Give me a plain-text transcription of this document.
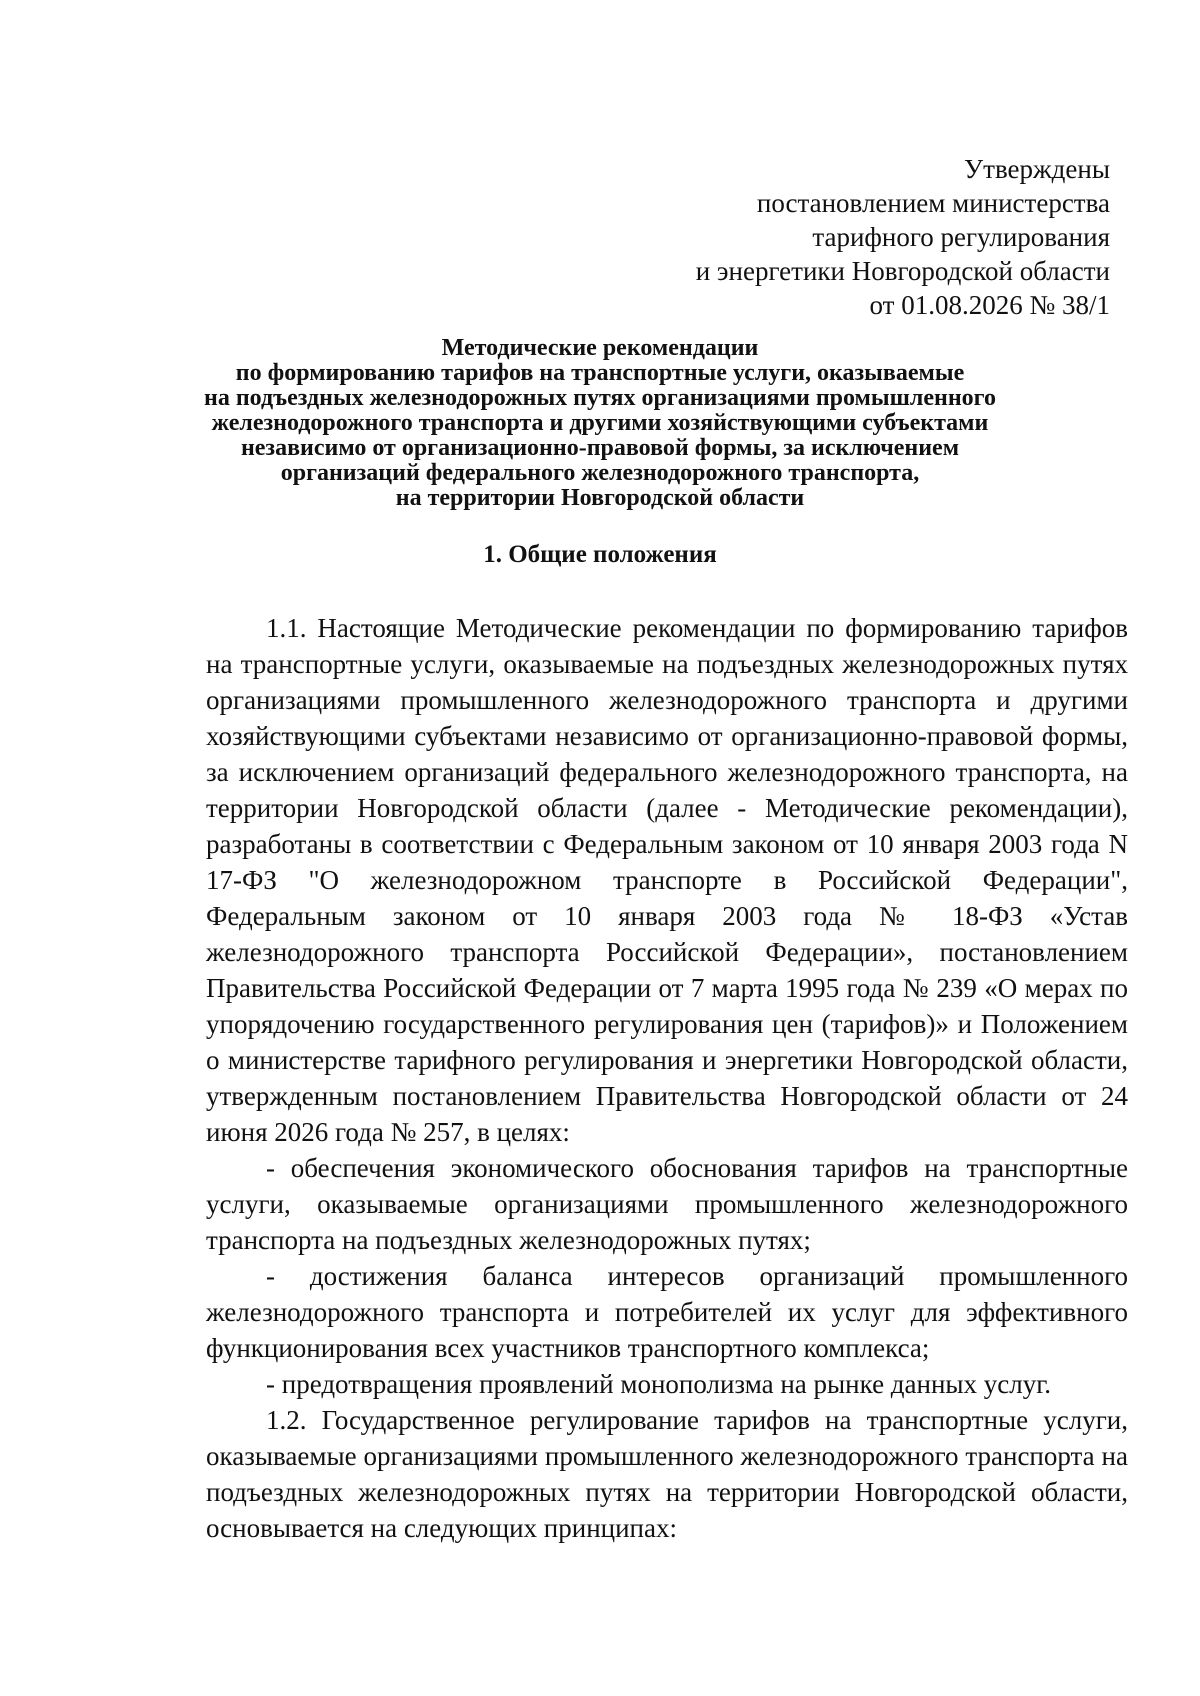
Утверждены
постановлением министерства
тарифного регулирования
и энергетики Новгородской области
от 01.08.2026 № 38/1
Методические рекомендации
по формированию тарифов на транспортные услуги, оказываемые
на подъездных железнодорожных путях организациями промышленного
железнодорожного транспорта и другими хозяйствующими субъектами
независимо от организационно-правовой формы, за исключением
организаций федерального железнодорожного транспорта,
на территории Новгородской области
1. Общие положения

1.1. Настоящие Методические рекомендации по формированию тарифов на транспортные услуги, оказываемые на подъездных железнодорожных путях организациями промышленного железнодорожного транспорта и другими хозяйствующими субъектами независимо от организационно-правовой формы, за исключением организаций федерального железнодорожного транспорта, на территории Новгородской области (далее - Методические рекомендации), разработаны в соответствии с Федеральным законом от 10 января 2003 года N 17-ФЗ "О железнодорожном транспорте в Российской Федерации", Федеральным законом от 10 января 2003 года № 18-ФЗ «Устав железнодорожного транспорта Российской Федерации», постановлением Правительства Российской Федерации от 7 марта 1995 года № 239 «О мерах по упорядочению государственного регулирования цен (тарифов)» и Положением о министерстве тарифного регулирования и энергетики Новгородской области, утвержденным постановлением Правительства Новгородской области от 24 июня 2026 года № 257, в целях:

- обеспечения экономического обоснования тарифов на транспортные услуги, оказываемые организациями промышленного железнодорожного транспорта на подъездных железнодорожных путях;

- достижения баланса интересов организаций промышленного железнодорожного транспорта и потребителей их услуг для эффективного функционирования всех участников транспортного комплекса;

- предотвращения проявлений монополизма на рынке данных услуг.

1.2. Государственное регулирование тарифов на транспортные услуги, оказываемые организациями промышленного железнодорожного транспорта на подъездных железнодорожных путях на территории Новгородской области, основывается на следующих принципах:
